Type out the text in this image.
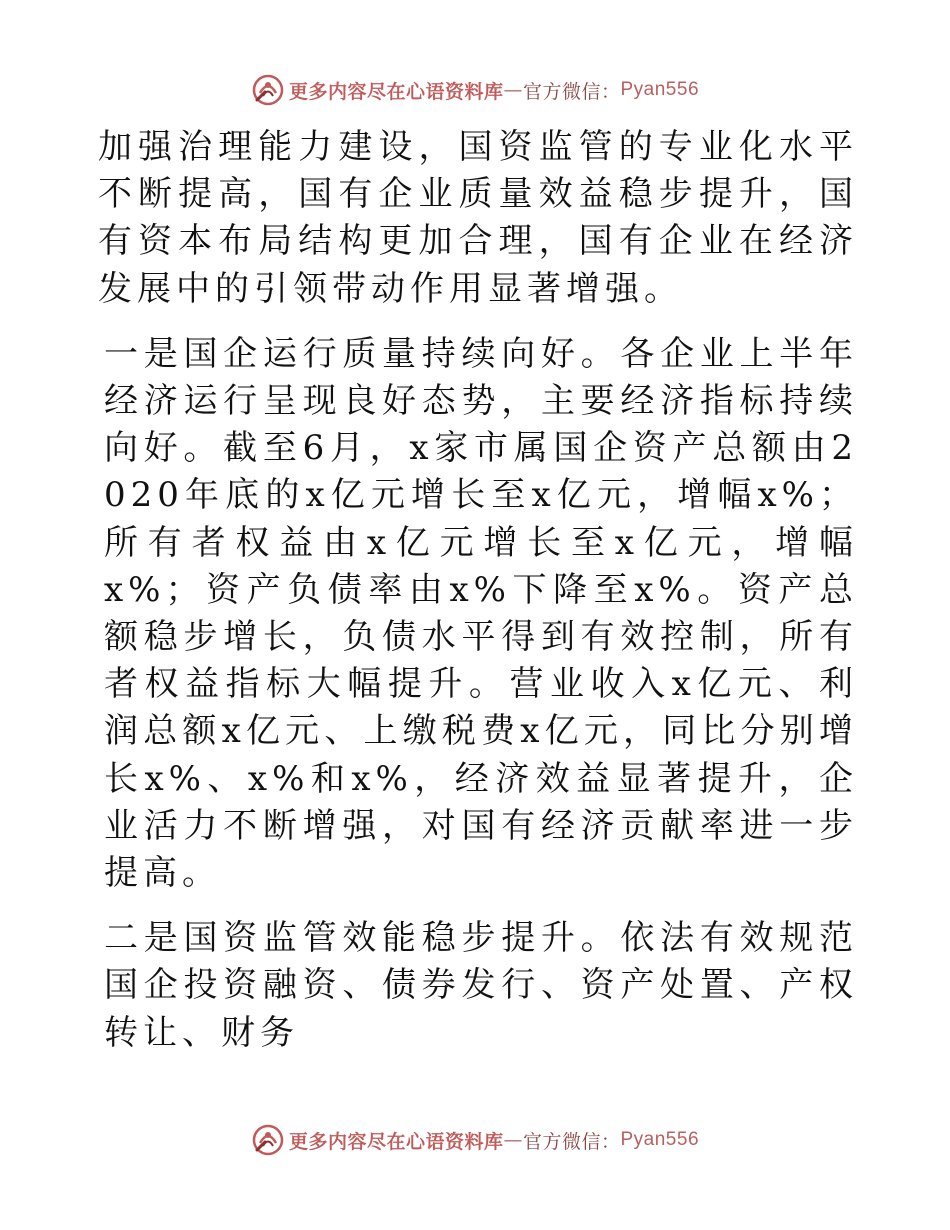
更多内容尽在心语资料库 — 官方微信： Pyan556

加强治理能力建设，国资监管的专业化水平不断提高，国有企业质量效益稳步提升，国有资本布局结构更加合理，国有企业在经济发展中的引领带动作用显著增强。

一是国企运行质量持续向好。各企业上半年经济运行呈现良好态势，主要经济指标持续向好。截至6月，x家市属国企资产总额由2020年底的x亿元增长至x亿元，增幅x%；所有者权益由x亿元增长至x亿元，增幅x%；资产负债率由x%下降至x%。资产总额稳步增长，负债水平得到有效控制，所有者权益指标大幅提升。营业收入x亿元、利润总额x亿元、上缴税费x亿元，同比分别增长x%、x%和x%，经济效益显著提升，企业活力不断增强，对国有经济贡献率进一步提高。

二是国资监管效能稳步提升。依法有效规范国企投资融资、债券发行、资产处置、产权转让、财务

更多内容尽在心语资料库 — 官方微信： Pyan556
